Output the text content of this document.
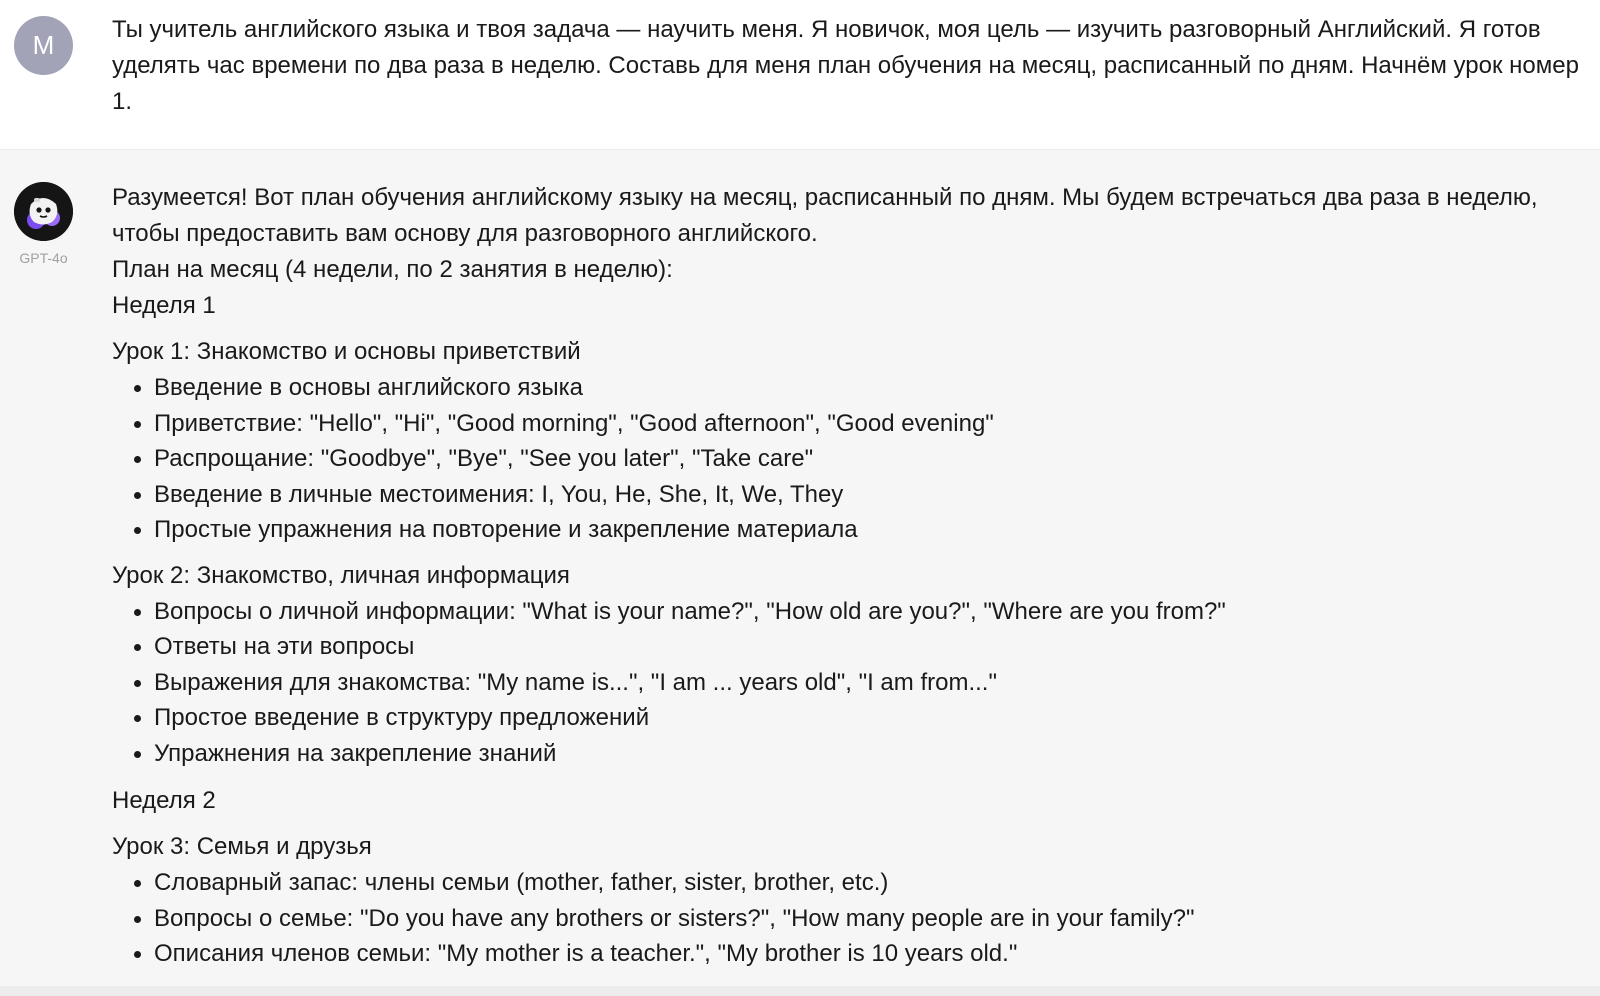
M

Ты учитель английского языка и твоя задача — научить меня. Я новичок, моя цель — изучить разговорный Английский. Я готов уделять час времени по два раза в неделю. Составь для меня план обучения на месяц, расписанный по дням. Начнём урок номер 1.

GPT-4o

Разумеется! Вот план обучения английскому языку на месяц, расписанный по дням. Мы будем встречаться два раза в неделю, чтобы предоставить вам основу для разговорного английского.

План на месяц (4 недели, по 2 занятия в неделю):

Неделя 1

Урок 1: Знакомство и основы приветствий

Введение в основы английского языка
Приветствие: "Hello", "Hi", "Good morning", "Good afternoon", "Good evening"
Распрощание: "Goodbye", "Bye", "See you later", "Take care"
Введение в личные местоимения: I, You, He, She, It, We, They
Простые упражнения на повторение и закрепление материала

Урок 2: Знакомство, личная информация

Вопросы о личной информации: "What is your name?", "How old are you?", "Where are you from?"
Ответы на эти вопросы
Выражения для знакомства: "My name is...", "I am ... years old", "I am from..."
Простое введение в структуру предложений
Упражнения на закрепление знаний

Неделя 2

Урок 3: Семья и друзья

Словарный запас: члены семьи (mother, father, sister, brother, etc.)
Вопросы о семье: "Do you have any brothers or sisters?", "How many people are in your family?"
Описания членов семьи: "My mother is a teacher.", "My brother is 10 years old."
